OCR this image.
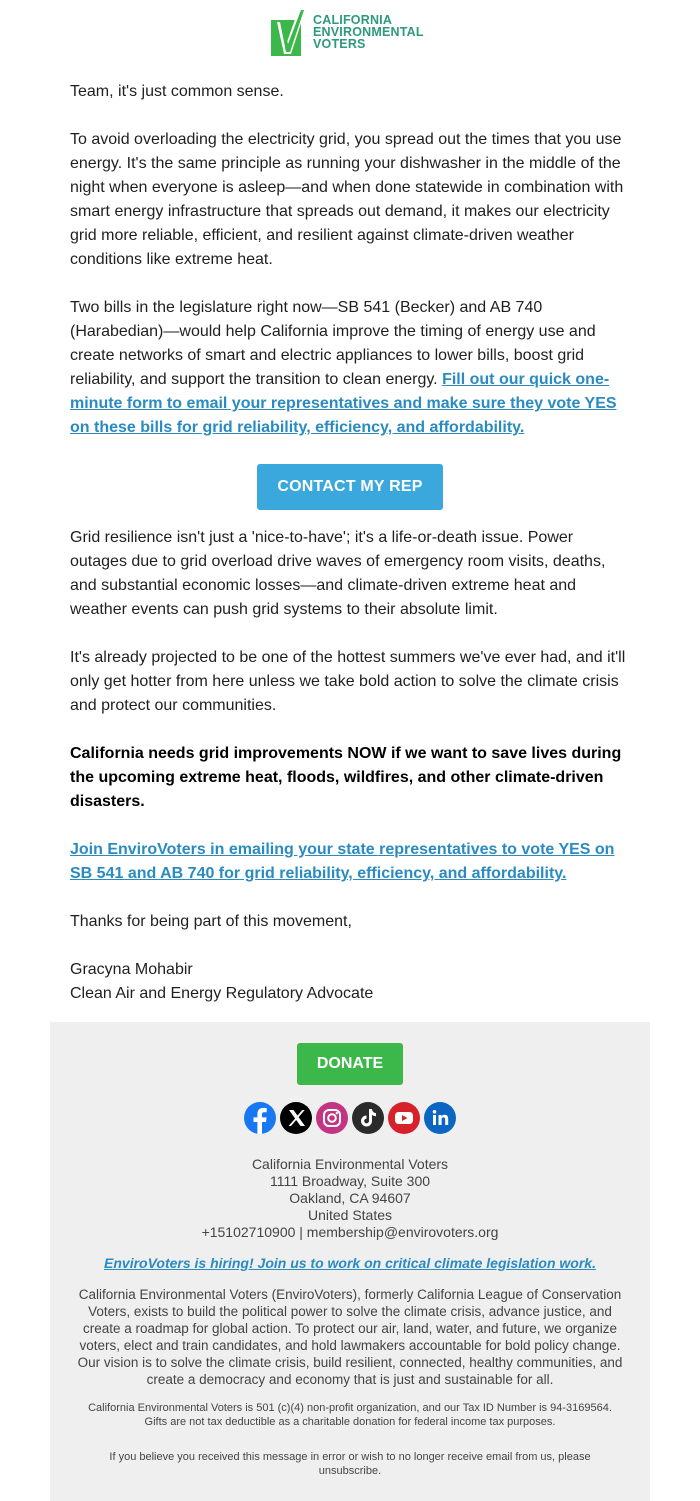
CALIFORNIA
ENVIRONMENTAL
VOTERS

Team, it's just common sense.

To avoid overloading the electricity grid, you spread out the times that you use energy. It's the same principle as running your dishwasher in the middle of the night when everyone is asleep—and when done statewide in combination with smart energy infrastructure that spreads out demand, it makes our electricity grid more reliable, efficient, and resilient against climate-driven weather conditions like extreme heat.

Two bills in the legislature right now—SB 541 (Becker) and AB 740 (Harabedian)—would help California improve the timing of energy use and create networks of smart and electric appliances to lower bills, boost grid reliability, and support the transition to clean energy. Fill out our quick one-minute form to email your representatives and make sure they vote YES on these bills for grid reliability, efficiency, and affordability.

CONTACT MY REP

Grid resilience isn't just a 'nice-to-have'; it's a life-or-death issue. Power outages due to grid overload drive waves of emergency room visits, deaths, and substantial economic losses—and climate-driven extreme heat and weather events can push grid systems to their absolute limit.

It's already projected to be one of the hottest summers we've ever had, and it'll only get hotter from here unless we take bold action to solve the climate crisis and protect our communities.

California needs grid improvements NOW if we want to save lives during the upcoming extreme heat, floods, wildfires, and other climate-driven disasters.

Join EnviroVoters in emailing your state representatives to vote YES on SB 541 and AB 740 for grid reliability, efficiency, and affordability.

Thanks for being part of this movement,

Gracyna Mohabir

Clean Air and Energy Regulatory Advocate

DONATE
California Environmental Voters
1111 Broadway, Suite 300
Oakland, CA 94607
United States
+15102710900 | membership@envirovoters.org
EnviroVoters is hiring! Join us to work on critical climate legislation work.
California Environmental Voters (EnviroVoters), formerly California League of Conservation Voters, exists to build the political power to solve the climate crisis, advance justice, and create a roadmap for global action. To protect our air, land, water, and future, we organize voters, elect and train candidates, and hold lawmakers accountable for bold policy change. Our vision is to solve the climate crisis, build resilient, connected, healthy communities, and create a democracy and economy that is just and sustainable for all.
California Environmental Voters is 501 (c)(4) non-profit organization, and our Tax ID Number is 94-3169564.
Gifts are not tax deductible as a charitable donation for federal income tax purposes.
If you believe you received this message in error or wish to no longer receive email from us, please unsubscribe.
